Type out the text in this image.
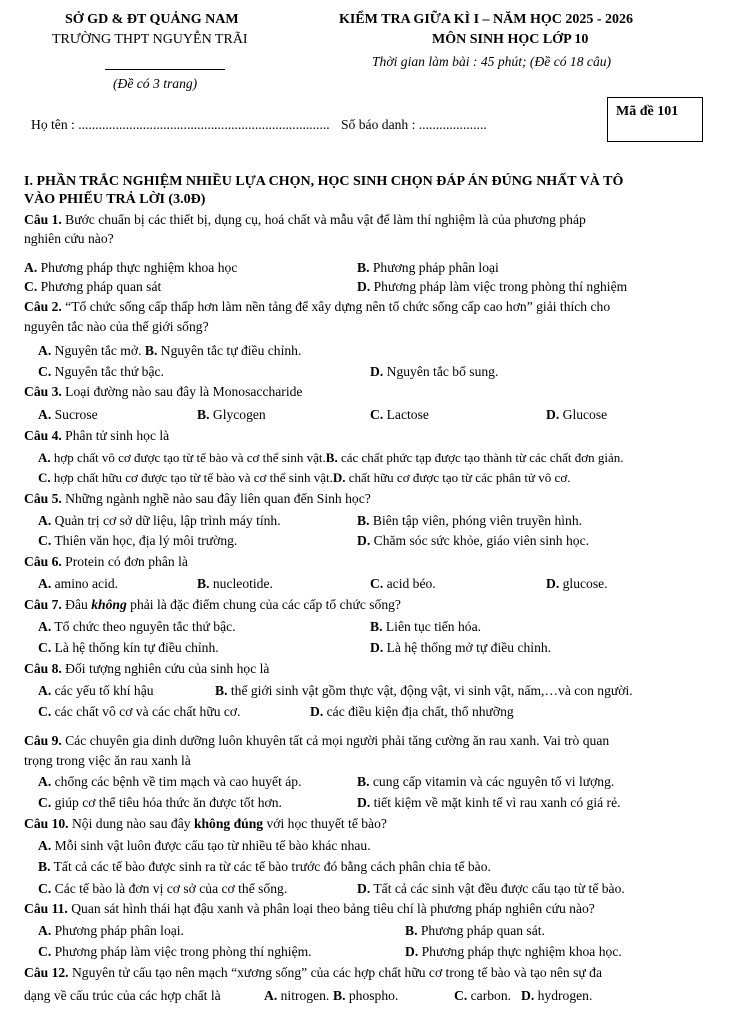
SỞ GD & ĐT QUẢNG NAM
TRƯỜNG THPT NGUYỄN TRÃI
(Đề có 3 trang)
KIỂM TRA GIỮA KÌ I – NĂM HỌC 2025 - 2026
MÔN SINH HỌC LỚP 10
Thời gian làm bài : 45 phút; (Đề có 18 câu)
Họ tên : .......................................................................... Số báo danh : ....................
Mã đề 101
I. PHẦN TRẮC NGHIỆM NHIỀU LỰA CHỌN, HỌC SINH CHỌN ĐÁP ÁN ĐÚNG NHẤT VÀ TÔ
VÀO PHIẾU TRẢ LỜI (3.0Đ)
Câu 1. Bước chuẩn bị các thiết bị, dụng cụ, hoá chất và mẫu vật để làm thí nghiệm là của phương pháp
nghiên cứu nào?
A. Phương pháp thực nghiệm khoa học	B. Phương pháp phân loại
C. Phương pháp quan sát	D. Phương pháp làm việc trong phòng thí nghiệm
Câu 2. “Tổ chức sống cấp thấp hơn làm nền tảng để xây dựng nên tổ chức sống cấp cao hơn” giải thích cho
nguyên tắc nào của thế giới sống?
A. Nguyên tắc mở. B. Nguyên tắc tự điều chỉnh.
C. Nguyên tắc thứ bậc.	D. Nguyên tắc bổ sung.
Câu 3. Loại đường nào sau đây là Monosaccharide
A. Sucrose	B. Glycogen	C. Lactose	D. Glucose
Câu 4. Phân tử sinh học là
A. hợp chất vô cơ được tạo từ tế bào và cơ thể sinh vật.B. các chất phức tạp được tạo thành từ các chất đơn giản.
C. hợp chất hữu cơ được tạo từ tế bào và cơ thể sinh vật.D. chất hữu cơ được tạo từ các phân tử vô cơ.
Câu 5. Những ngành nghề nào sau đây liên quan đến Sinh học?
A. Quản trị cơ sở dữ liệu, lập trình máy tính.	B. Biên tập viên, phóng viên truyền hình.
C. Thiên văn học, địa lý môi trường.	D. Chăm sóc sức khỏe, giáo viên sinh học.
Câu 6. Protein có đơn phân là
A. amino acid.	B. nucleotide.	C. acid béo.	D. glucose.
Câu 7. Đâu không phải là đặc điểm chung của các cấp tổ chức sống?
A. Tổ chức theo nguyên tắc thứ bậc.	B. Liên tục tiến hóa.
C. Là hệ thống kín tự điều chỉnh.	D. Là hệ thống mở tự điều chỉnh.
Câu 8. Đối tượng nghiên cứu của sinh học là
A. các yếu tố khí hậu	B. thế giới sinh vật gồm thực vật, động vật, vi sinh vật, nấm,…và con người.
C. các chất vô cơ và các chất hữu cơ.	D. các điều kiện địa chất, thổ nhưỡng
Câu 9. Các chuyên gia dinh dưỡng luôn khuyên tất cả mọi người phải tăng cường ăn rau xanh. Vai trò quan
trọng trong việc ăn rau xanh là
A. chống các bệnh về tim mạch và cao huyết áp.	B. cung cấp vitamin và các nguyên tố vi lượng.
C. giúp cơ thể tiêu hóa thức ăn được tốt hơn.	D. tiết kiệm về mặt kinh tế vì rau xanh có giá rẻ.
Câu 10. Nội dung nào sau đây không đúng với học thuyết tế bào?
A. Mỗi sinh vật luôn được cấu tạo từ nhiều tế bào khác nhau.
B. Tất cả các tế bào được sinh ra từ các tế bào trước đó bằng cách phân chia tế bào.
C. Các tế bào là đơn vị cơ sở của cơ thể sống.	D. Tất cả các sinh vật đều được cấu tạo từ tế bào.
Câu 11. Quan sát hình thái hạt đậu xanh và phân loại theo bảng tiêu chí là phương pháp nghiên cứu nào?
A. Phương pháp phân loại.	B. Phương pháp quan sát.
C. Phương pháp làm việc trong phòng thí nghiệm.	D. Phương pháp thực nghiệm khoa học.
Câu 12. Nguyên tử cấu tạo nên mạch “xương sống” của các hợp chất hữu cơ trong tế bào và tạo nên sự đa
dạng về cấu trúc của các hợp chất là	A. nitrogen. B. phospho.	C. carbon. D. hydrogen.
